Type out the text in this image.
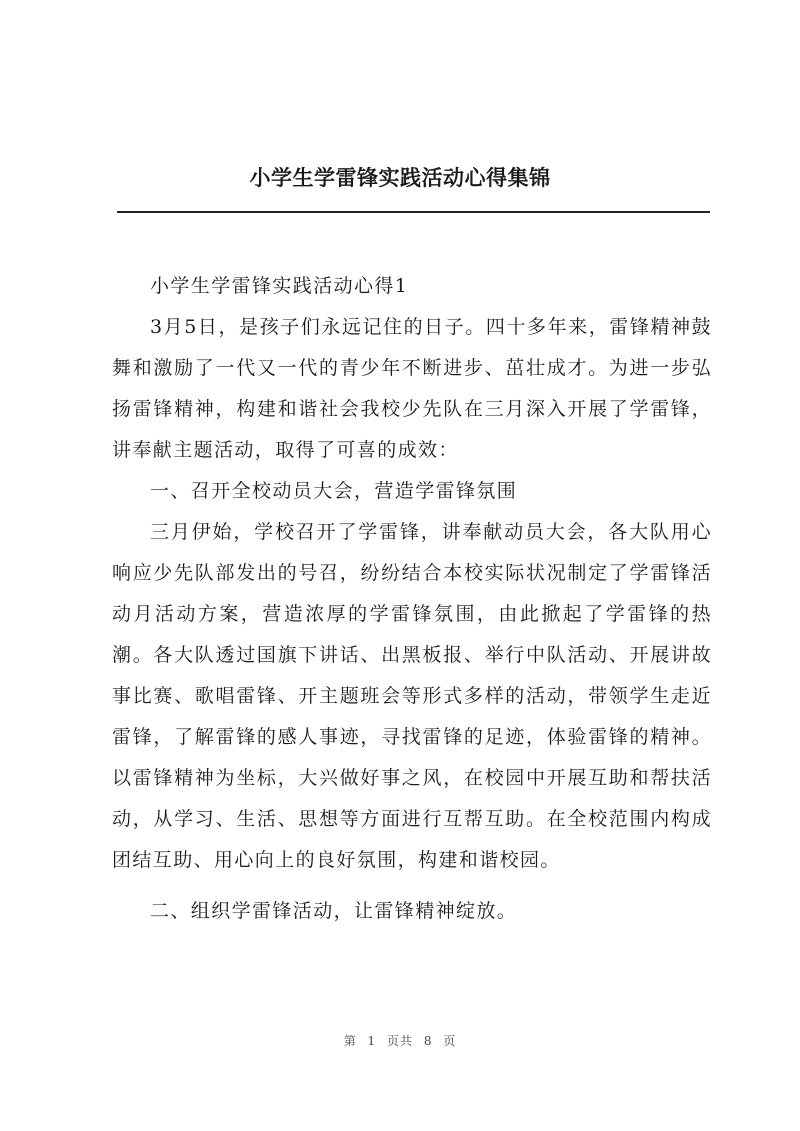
小学生学雷锋实践活动心得集锦

小学生学雷锋实践活动心得1

3月5日，是孩子们永远记住的日子。四十多年来，雷锋精神鼓舞和激励了一代又一代的青少年不断进步、茁壮成才。为进一步弘扬雷锋精神，构建和谐社会我校少先队在三月深入开展了学雷锋，讲奉献主题活动，取得了可喜的成效：

一、召开全校动员大会，营造学雷锋氛围

三月伊始，学校召开了学雷锋，讲奉献动员大会，各大队用心响应少先队部发出的号召，纷纷结合本校实际状况制定了学雷锋活动月活动方案，营造浓厚的学雷锋氛围，由此掀起了学雷锋的热潮。各大队透过国旗下讲话、出黑板报、举行中队活动、开展讲故事比赛、歌唱雷锋、开主题班会等形式多样的活动，带领学生走近雷锋，了解雷锋的感人事迹，寻找雷锋的足迹，体验雷锋的精神。以雷锋精神为坐标，大兴做好事之风，在校园中开展互助和帮扶活动，从学习、生活、思想等方面进行互帮互助。在全校范围内构成团结互助、用心向上的良好氛围，构建和谐校园。

二、组织学雷锋活动，让雷锋精神绽放。

第 1 页共 8 页
